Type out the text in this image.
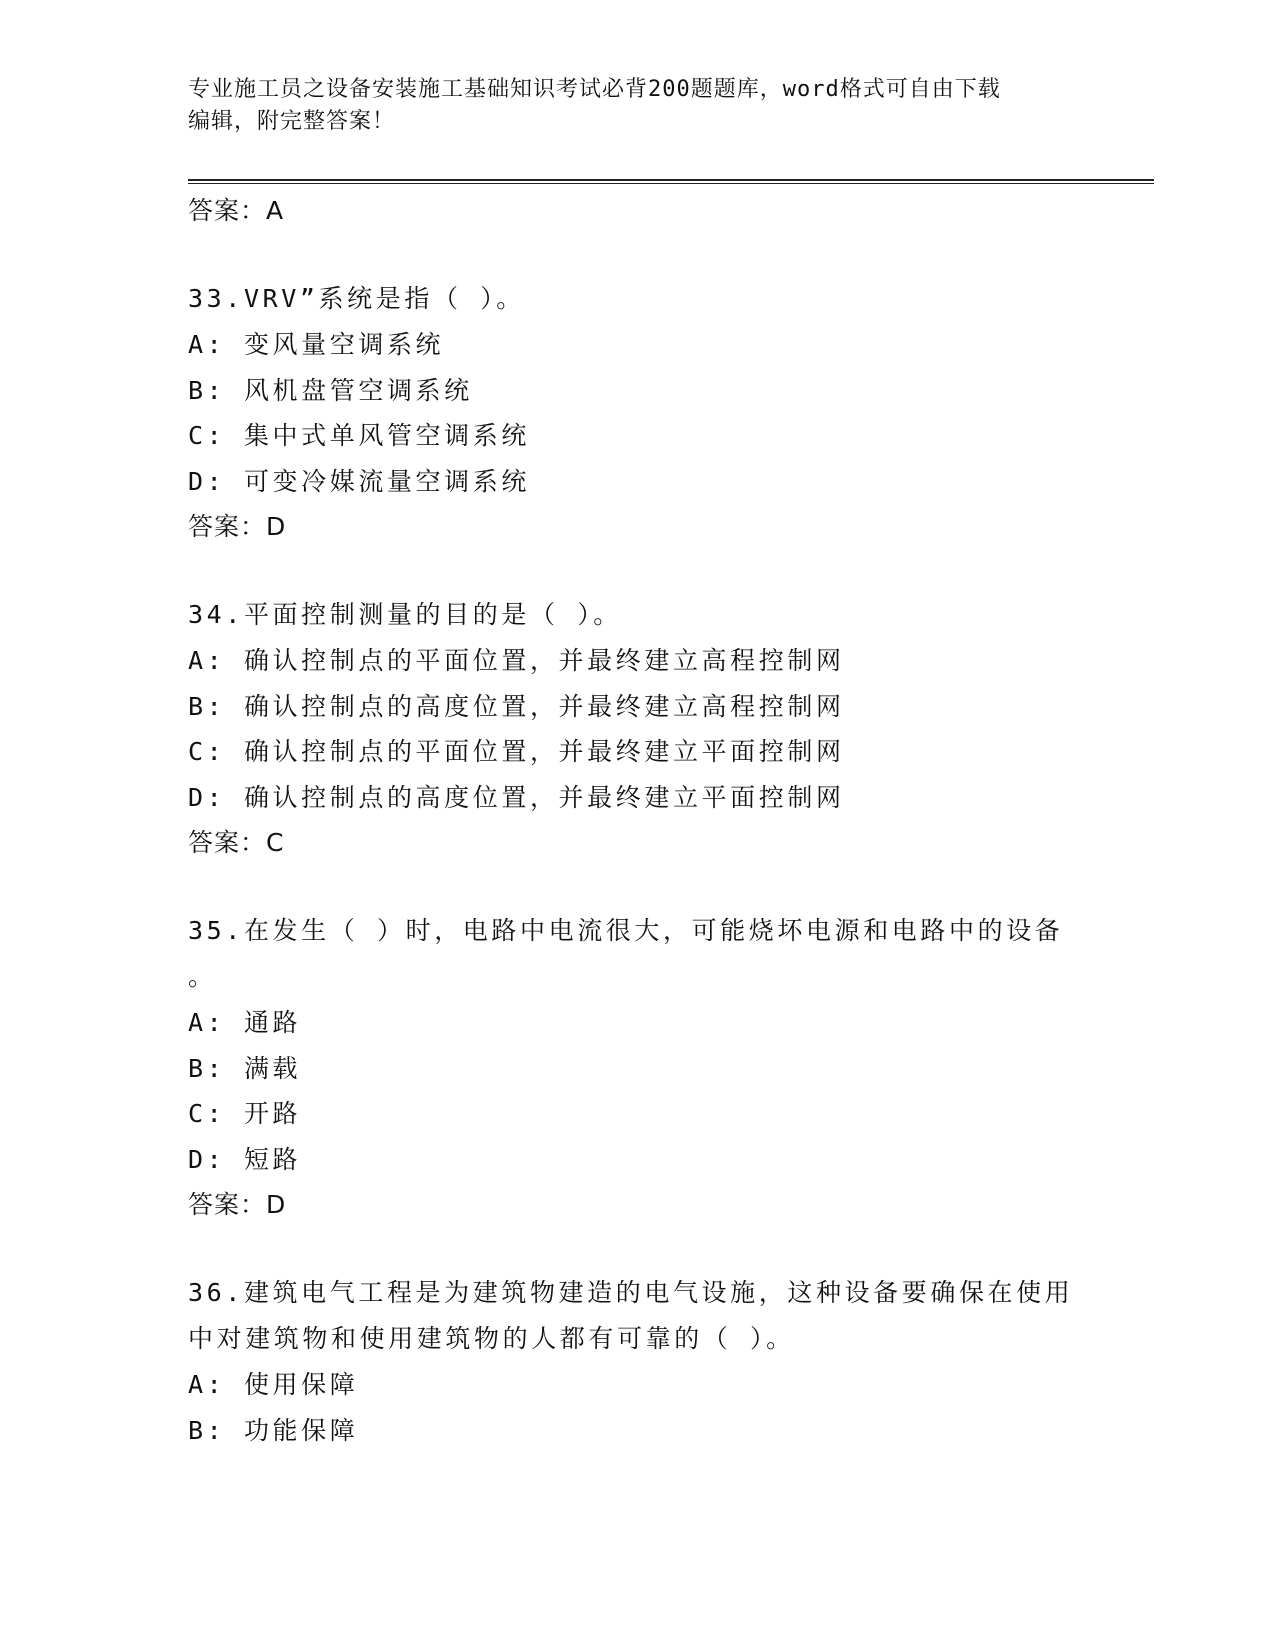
专业施工员之设备安装施工基础知识考试必背200题题库，word格式可自由下载
编辑，附完整答案！
答案：A
33.VRV”系统是指（ ）。
A: 变风量空调系统
B: 风机盘管空调系统
C: 集中式单风管空调系统
D: 可变冷媒流量空调系统
答案：D
34.平面控制测量的目的是（ ）。
A: 确认控制点的平面位置，并最终建立高程控制网
B: 确认控制点的高度位置，并最终建立高程控制网
C: 确认控制点的平面位置，并最终建立平面控制网
D: 确认控制点的高度位置，并最终建立平面控制网
答案：C
35.在发生（ ）时，电路中电流很大，可能烧坏电源和电路中的设备
。
A: 通路
B: 满载
C: 开路
D: 短路
答案：D
36.建筑电气工程是为建筑物建造的电气设施，这种设备要确保在使用
中对建筑物和使用建筑物的人都有可靠的（ ）。
A: 使用保障
B: 功能保障
